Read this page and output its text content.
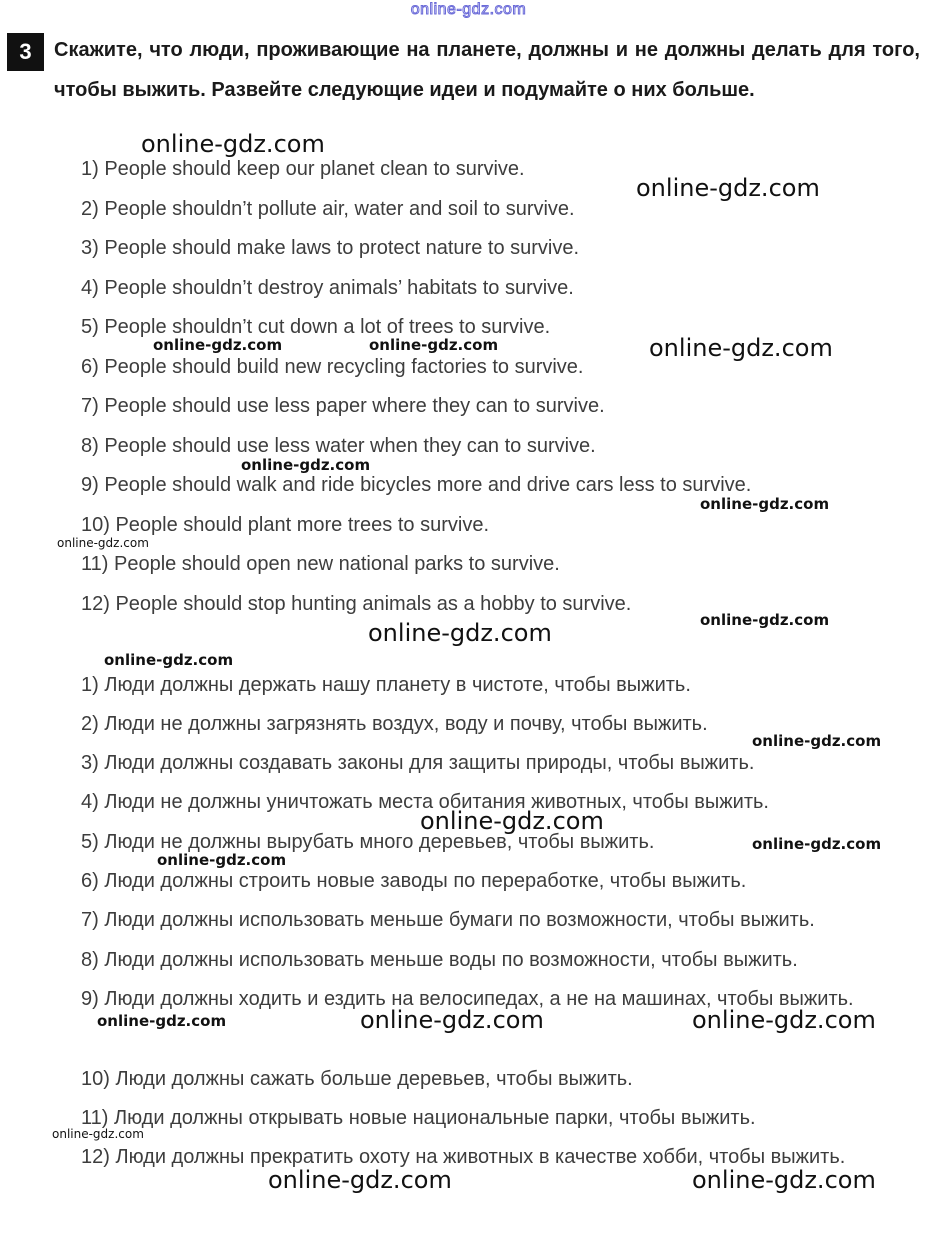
online-gdz.com
3	Скажите, что люди, проживающие на планете, должны и не должны делать для того, чтобы выжить. Развейте следующие идеи и подумайте о них больше.
1) People should keep our planet clean to survive.
2) People shouldn’t pollute air, water and soil to survive.
3) People should make laws to protect nature to survive.
4) People shouldn’t destroy animals’ habitats to survive.
5) People shouldn’t cut down a lot of trees to survive.
6) People should build new recycling factories to survive.
7) People should use less paper where they can to survive.
8) People should use less water when they can to survive.
9) People should walk and ride bicycles more and drive cars less to survive.
10) People should plant more trees to survive.
11) People should open new national parks to survive.
12) People should stop hunting animals as a hobby to survive.
1) Люди должны держать нашу планету в чистоте, чтобы выжить.
2) Люди не должны загрязнять воздух, воду и почву, чтобы выжить.
3) Люди должны создавать законы для защиты природы, чтобы выжить.
4) Люди не должны уничтожать места обитания животных, чтобы выжить.
5) Люди не должны вырубать много деревьев, чтобы выжить.
6) Люди должны строить новые заводы по переработке, чтобы выжить.
7) Люди должны использовать меньше бумаги по возможности, чтобы выжить.
8) Люди должны использовать меньше воды по возможности, чтобы выжить.
9) Люди должны ходить и ездить на велосипедах, а не на машинах, чтобы выжить.
10) Люди должны сажать больше деревьев, чтобы выжить.
11) Люди должны открывать новые национальные парки, чтобы выжить.
12) Люди должны прекратить охоту на животных в качестве хобби, чтобы выжить.
online-gdz.com
online-gdz.com
online-gdz.com	online-gdz.com	online-gdz.com
online-gdz.com
online-gdz.com
online-gdz.com
online-gdz.com
online-gdz.com
online-gdz.com
online-gdz.com
online-gdz.com
online-gdz.com
online-gdz.com
online-gdz.com	online-gdz.com	online-gdz.com
online-gdz.com
online-gdz.com	online-gdz.com
